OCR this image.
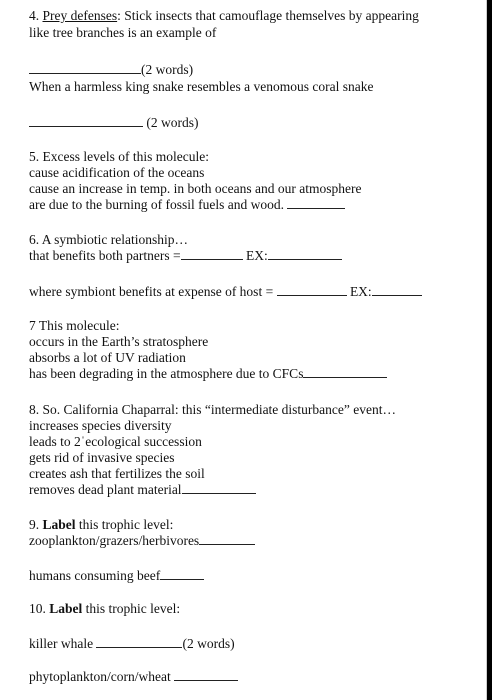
4. Prey defenses: Stick insects that camouflage themselves by appearing
like tree branches is an example of
(2 words)
When a harmless king snake resembles a venomous coral snake
(2 words)
5. Excess levels of this molecule:
cause acidification of the oceans
cause an increase in temp. in both oceans and our atmosphere
are due to the burning of fossil fuels and wood.
6. A symbiotic relationship…
that benefits both partners =	EX:
where symbiont benefits at expense of host =	EX:
7 This molecule:
occurs in the Earth’s stratosphere
absorbs a lot of UV radiation
has been degrading in the atmosphere due to CFCs
8. So. California Chaparral: this “intermediate disturbance” event…
increases species diversity
leads to 2ˈecological succession
gets rid of invasive species
creates ash that fertilizes the soil
removes dead plant material
9. Label this trophic level:
zooplankton/grazers/herbivores
humans consuming beef
10. Label this trophic level:
killer whale	(2 words)
phytoplankton/corn/wheat
